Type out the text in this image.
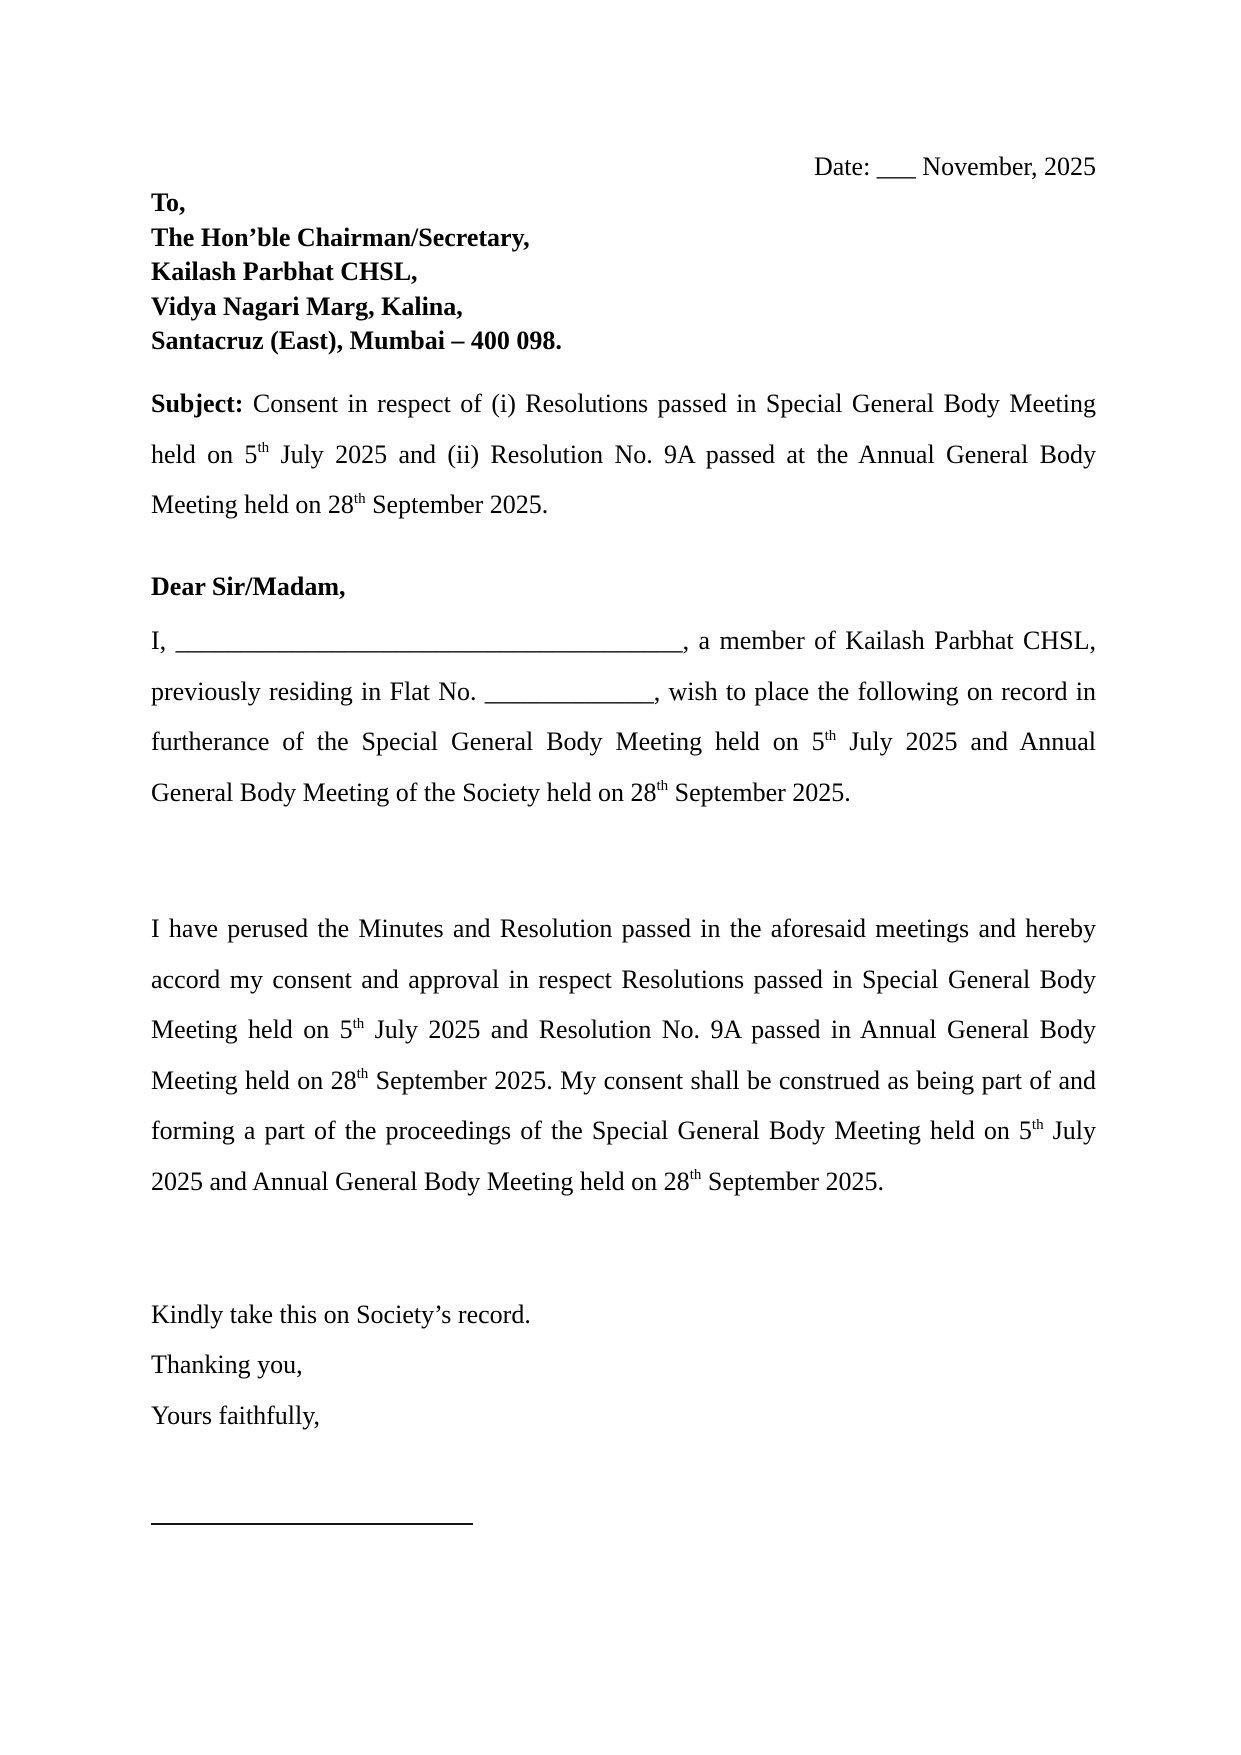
Date: ___ November, 2025
To,
The Hon’ble Chairman/Secretary,
Kailash Parbhat CHSL,
Vidya Nagari Marg, Kalina,
Santacruz (East), Mumbai – 400 098.
Subject: Consent in respect of (i) Resolutions passed in Special General Body Meeting held on 5th July 2025 and (ii) Resolution No. 9A passed at the Annual General Body Meeting held on 28th September 2025.
Dear Sir/Madam,
I, _______________________________________, a member of Kailash Parbhat CHSL, previously residing in Flat No. _____________, wish to place the following on record in furtherance of the Special General Body Meeting held on 5th July 2025 and Annual General Body Meeting of the Society held on 28th September 2025.
I have perused the Minutes and Resolution passed in the aforesaid meetings and hereby accord my consent and approval in respect Resolutions passed in Special General Body Meeting held on 5th July 2025 and Resolution No. 9A passed in Annual General Body Meeting held on 28th September 2025. My consent shall be construed as being part of and forming a part of the proceedings of the Special General Body Meeting held on 5th July 2025 and Annual General Body Meeting held on 28th September 2025.
Kindly take this on Society’s record.
Thanking you,
Yours faithfully,
